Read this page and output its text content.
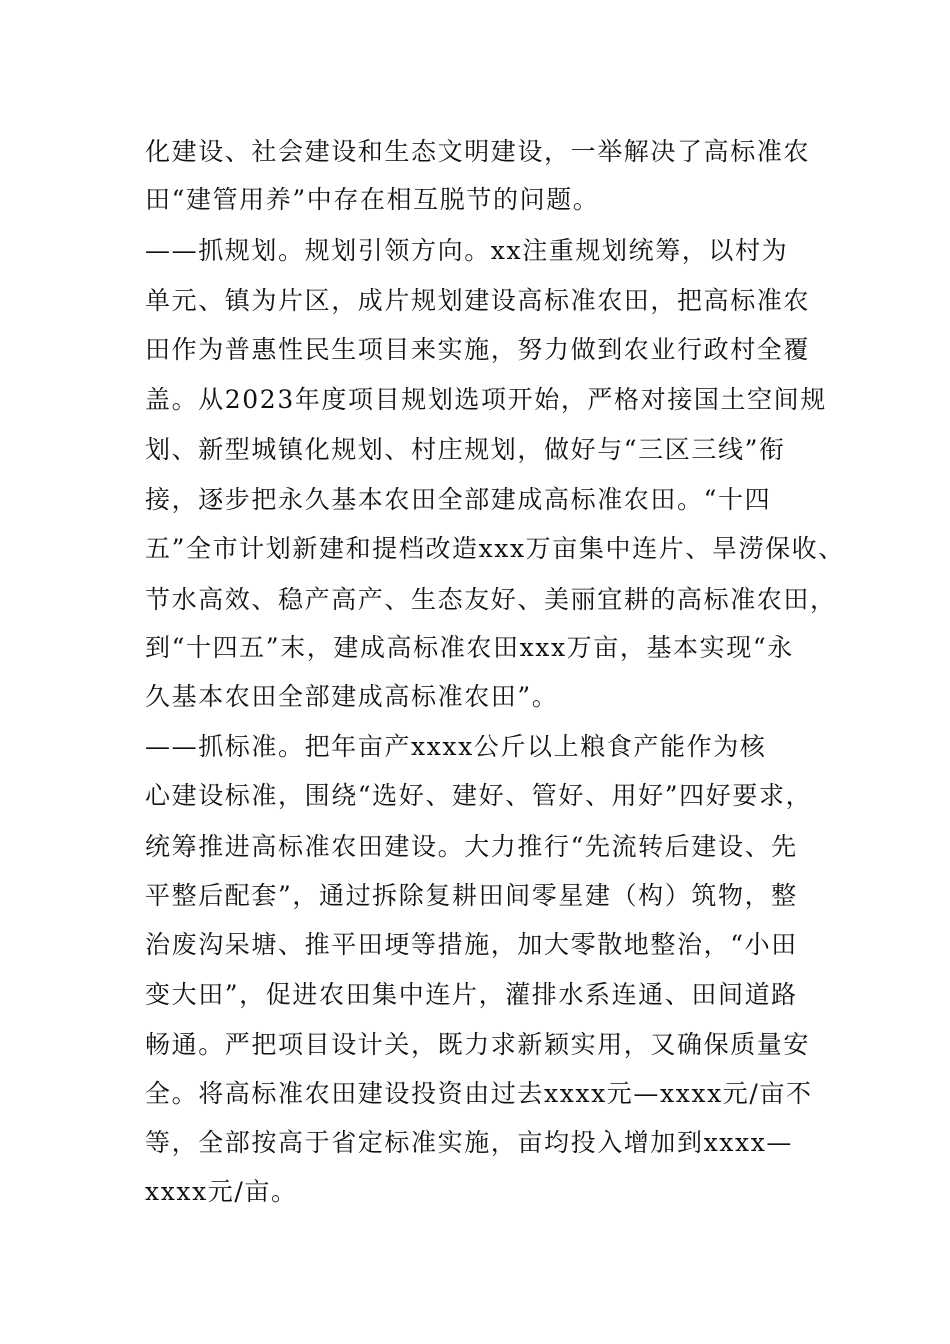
化建设、社会建设和生态文明建设，一举解决了高标准农
田“建管用养”中存在相互脱节的问题。
——抓规划。规划引领方向。xx注重规划统筹，以村为
单元、镇为片区，成片规划建设高标准农田，把高标准农
田作为普惠性民生项目来实施，努力做到农业行政村全覆
盖。从2023年度项目规划选项开始，严格对接国土空间规
划、新型城镇化规划、村庄规划，做好与“三区三线”衔
接，逐步把永久基本农田全部建成高标准农田。“十四
五”全市计划新建和提档改造xxx万亩集中连片、旱涝保收、
节水高效、稳产高产、生态友好、美丽宜耕的高标准农田，
到“十四五”末，建成高标准农田xxx万亩，基本实现“永
久基本农田全部建成高标准农田”。
——抓标准。把年亩产xxxx公斤以上粮食产能作为核
心建设标准，围绕“选好、建好、管好、用好”四好要求，
统筹推进高标准农田建设。大力推行“先流转后建设、先
平整后配套”，通过拆除复耕田间零星建（构）筑物，整
治废沟呆塘、推平田埂等措施，加大零散地整治，“小田
变大田”，促进农田集中连片，灌排水系连通、田间道路
畅通。严把项目设计关，既力求新颖实用，又确保质量安
全。将高标准农田建设投资由过去xxxx元—xxxx元/亩不
等，全部按高于省定标准实施，亩均投入增加到xxxx—
xxxx元/亩。
